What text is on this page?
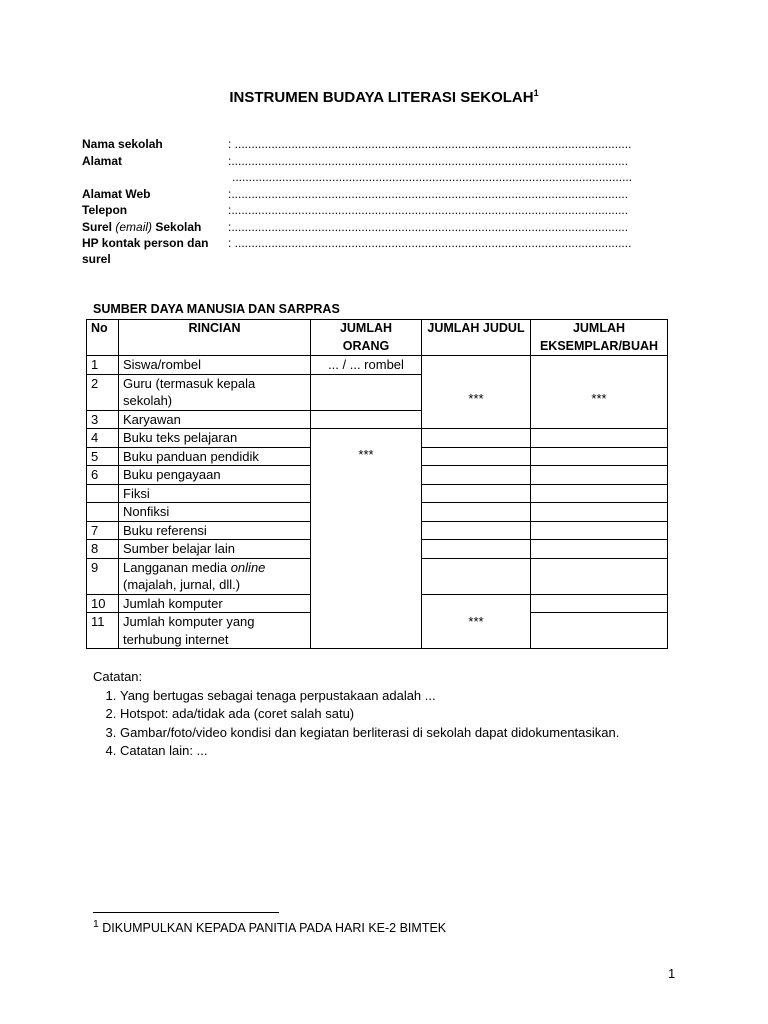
INSTRUMEN BUDAYA LITERASI SEKOLAH$^1$
Nama sekolah	: .......................................................................................................................
Alamat	:.......................................................................................................................
........................................................................................................................
Alamat Web	:.......................................................................................................................
Telepon	:.......................................................................................................................
Surel (email) Sekolah	:.......................................................................................................................
HP kontak person dan surel
: .......................................................................................................................
SUMBER DAYA MANUSIA DAN SARPRAS
No	RINCIAN	JUMLAH ORANG	JUMLAH JUDUL	JUMLAH EKSEMPLAR/BUAH
1	Siswa/rombel	... / ... rombel	***	***
2	Guru (termasuk kepala sekolah)			
3	Karyawan			
4	Buku teks pelajaran	***		
5	Buku panduan pendidik			
6	Buku pengayaan			
	Fiksi			
	Nonfiksi			
7	Buku referensi			
8	Sumber belajar lain			
9	Langganan media online (majalah, jurnal, dll.)			
10	Jumlah komputer		***	
11	Jumlah komputer yang terhubung internet			
Catatan:
1. Yang bertugas sebagai tenaga perpustakaan adalah ...
2. Hotspot: ada/tidak ada (coret salah satu)
3. Gambar/foto/video kondisi dan kegiatan berliterasi di sekolah dapat didokumentasikan.
4. Catatan lain: ...
$^1$ DIKUMPULKAN KEPADA PANITIA PADA HARI KE-2 BIMTEK
1
